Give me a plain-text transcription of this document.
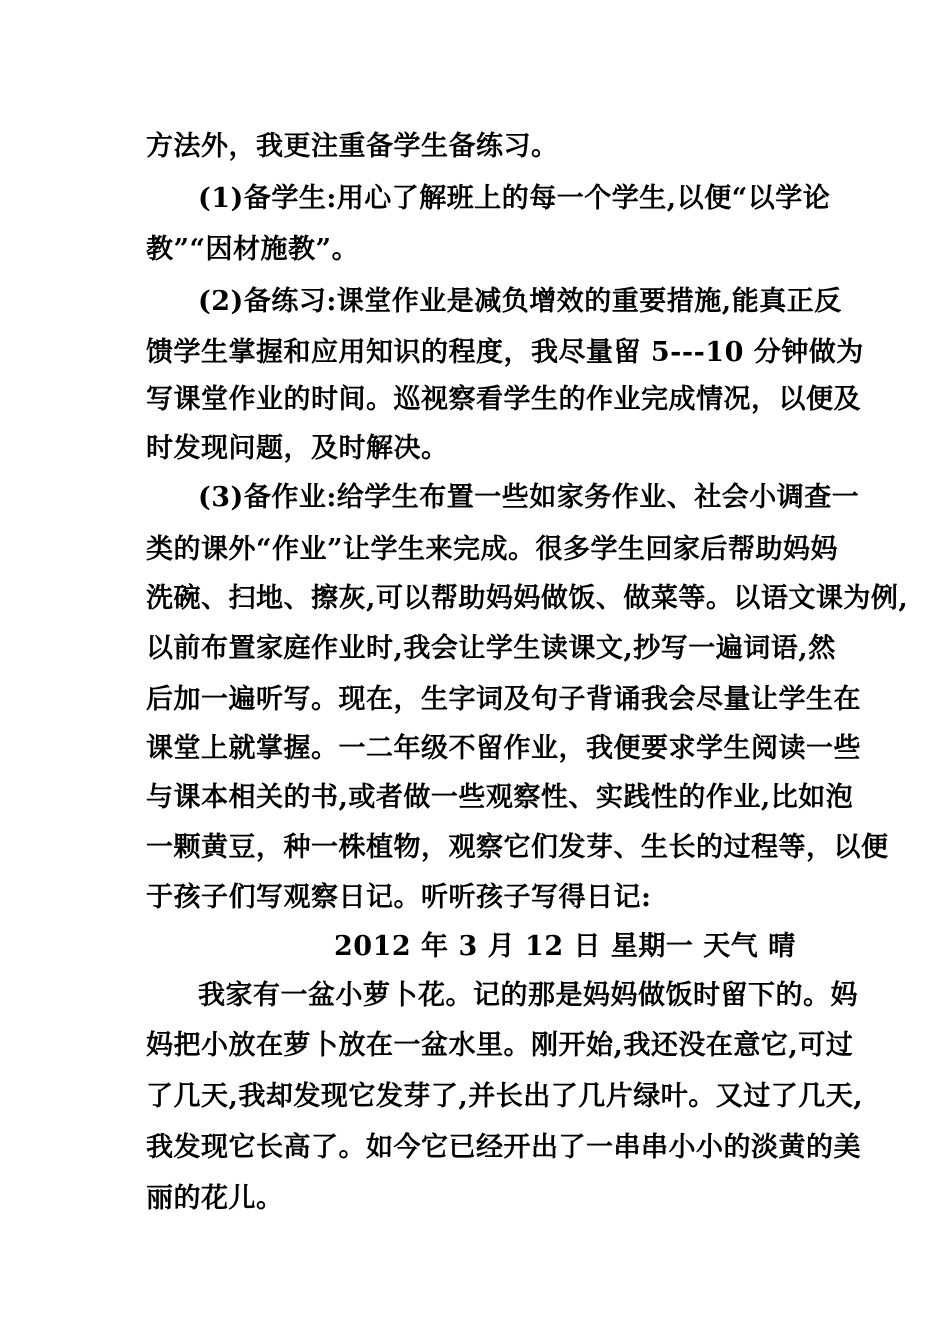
方法外，我更注重备学生备练习。
(1)备学生:用心了解班上的每一个学生,以便“以学论
教”“因材施教”。
(2)备练习:课堂作业是减负增效的重要措施,能真正反
馈学生掌握和应用知识的程度，我尽量留 5---10 分钟做为
写课堂作业的时间。巡视察看学生的作业完成情况，以便及
时发现问题，及时解决。
(3)备作业:给学生布置一些如家务作业、社会小调查一
类的课外“作业”让学生来完成。很多学生回家后帮助妈妈
洗碗、扫地、擦灰,可以帮助妈妈做饭、做菜等。以语文课为例,
以前布置家庭作业时,我会让学生读课文,抄写一遍词语,然
后加一遍听写。现在，生字词及句子背诵我会尽量让学生在
课堂上就掌握。一二年级不留作业，我便要求学生阅读一些
与课本相关的书,或者做一些观察性、实践性的作业,比如泡
一颗黄豆，种一株植物，观察它们发芽、生长的过程等，以便
于孩子们写观察日记。听听孩子写得日记:
2012 年 3 月 12 日 星期一 天气 晴
我家有一盆小萝卜花。记的那是妈妈做饭时留下的。妈
妈把小放在萝卜放在一盆水里。刚开始,我还没在意它,可过
了几天,我却发现它发芽了,并长出了几片绿叶。又过了几天,
我发现它长高了。如今它已经开出了一串串小小的淡黄的美
丽的花儿。
